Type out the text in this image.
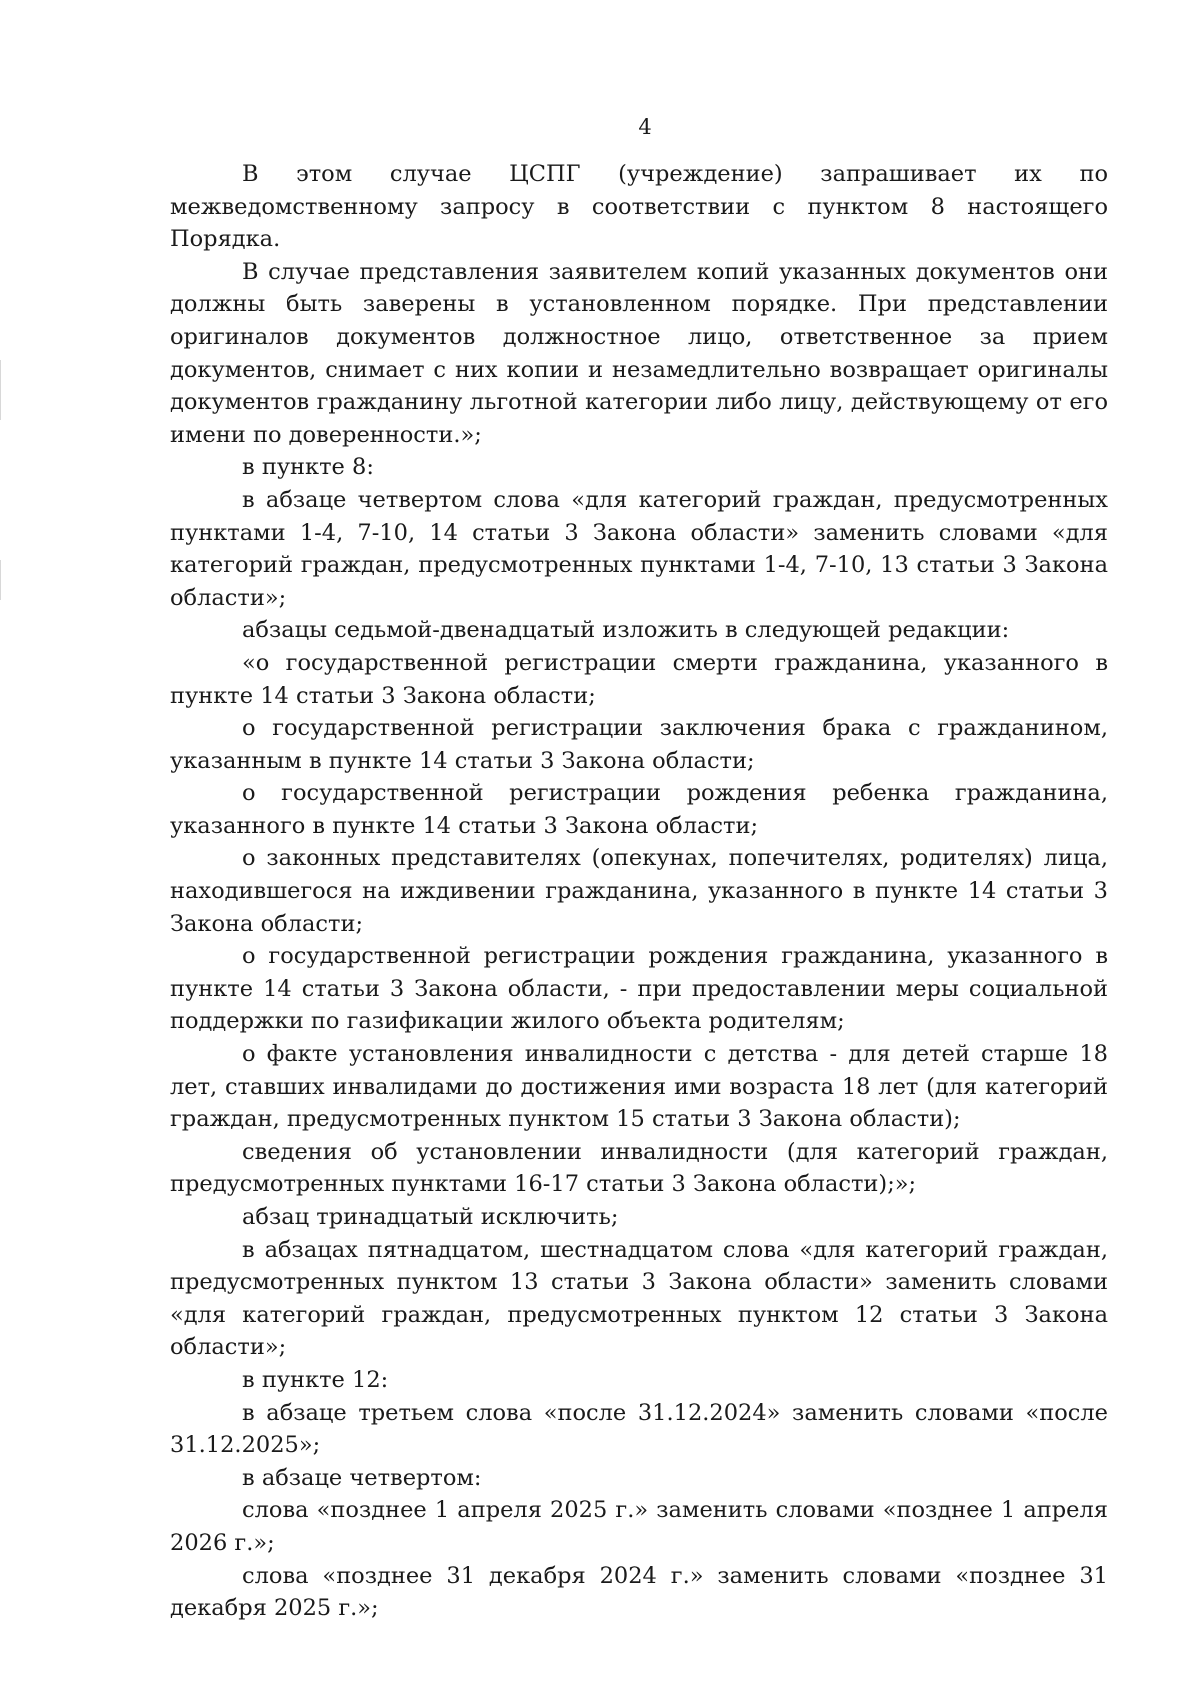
4

В этом случае ЦСПГ (учреждение) запрашивает их по межведомственному запросу в соответствии с пунктом 8 настоящего Порядка.

В случае представления заявителем копий указанных документов они должны быть заверены в установленном порядке. При представлении оригиналов документов должностное лицо, ответственное за прием документов, снимает с них копии и незамедлительно возвращает оригиналы документов гражданину льготной категории либо лицу, действующему от его имени по доверенности.»;

в пункте 8:

в абзаце четвертом слова «для категорий граждан, предусмотренных пунктами 1-4, 7-10, 14 статьи 3 Закона области» заменить словами «для категорий граждан, предусмотренных пунктами 1-4, 7-10, 13 статьи 3 Закона области»;

абзацы седьмой-двенадцатый изложить в следующей редакции:

«о государственной регистрации смерти гражданина, указанного в пункте 14 статьи 3 Закона области;

о государственной регистрации заключения брака с гражданином, указанным в пункте 14 статьи 3 Закона области;

о государственной регистрации рождения ребенка гражданина, указанного в пункте 14 статьи 3 Закона области;

о законных представителях (опекунах, попечителях, родителях) лица, находившегося на иждивении гражданина, указанного в пункте 14 статьи 3 Закона области;

о государственной регистрации рождения гражданина, указанного в пункте 14 статьи 3 Закона области, - при предоставлении меры социальной поддержки по газификации жилого объекта родителям;

о факте установления инвалидности с детства - для детей старше 18 лет, ставших инвалидами до достижения ими возраста 18 лет (для категорий граждан, предусмотренных пунктом 15 статьи 3 Закона области);

сведения об установлении инвалидности (для категорий граждан, предусмотренных пунктами 16-17 статьи 3 Закона области);»;

абзац тринадцатый исключить;

в абзацах пятнадцатом, шестнадцатом слова «для категорий граждан, предусмотренных пунктом 13 статьи 3 Закона области» заменить словами «для категорий граждан, предусмотренных пунктом 12 статьи 3 Закона области»;

в пункте 12:

в абзаце третьем слова «после 31.12.2024» заменить словами «после 31.12.2025»;

в абзаце четвертом:

слова «позднее 1 апреля 2025 г.» заменить словами «позднее 1 апреля 2026 г.»;

слова «позднее 31 декабря 2024 г.» заменить словами «позднее 31 декабря 2025 г.»;
